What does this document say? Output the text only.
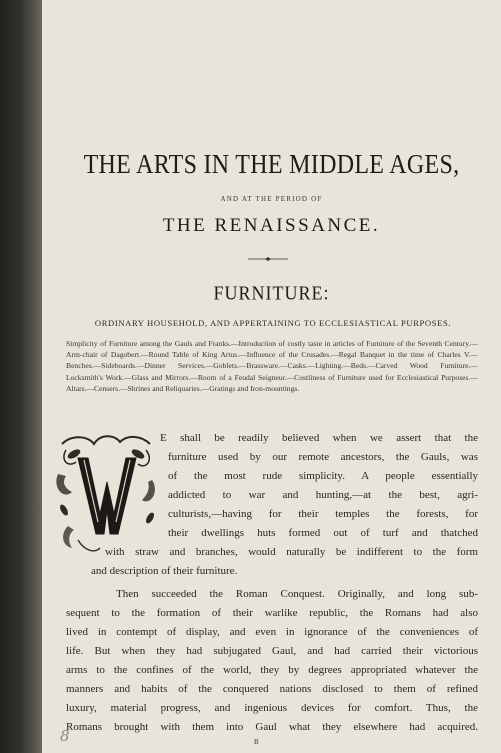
THE ARTS IN THE MIDDLE AGES,
AND AT THE PERIOD OF
THE RENAISSANCE.
FURNITURE:
ORDINARY HOUSEHOLD, AND APPERTAINING TO ECCLESIASTICAL PURPOSES.

Simplicity of Furniture among the Gauls and Franks.—Introduction of costly taste in articles of Furniture of the Seventh Century.—Arm-chair of Dagobert.—Round Table of King Artus.—Influence of the Crusades.—Regal Banquet in the time of Charles V.—Benches.—Sideboards.—Dinner Services.—Goblets.—Brassware.—Casks.—Lighting.—Beds.—Carved Wood Furniture.—Locksmith's Work.—Glass and Mirrors.—Room of a Feudal Seigneur.—Costliness of Furniture used for Ecclesiastical Purposes.—Altars.—Censers.—Shrines and Reliquaries.—Gratings and Iron-mountings.

E shall be readily believed when we assert that the
furniture used by our remote ancestors, the Gauls, was
of the most rude simplicity. A people essentially
addicted to war and hunting,—at the best, agri-
culturists,—having for their temples the forests, for
their dwellings huts formed out of turf and thatched
with straw and branches, would naturally be indifferent to the form
and description of their furniture.
Then succeeded the Roman Conquest. Originally, and long sub-
sequent to the formation of their warlike republic, the Romans had also
lived in contempt of display, and even in ignorance of the conveniences of
life. But when they had subjugated Gaul, and had carried their victorious
arms to the confines of the world, they by degrees appropriated whatever the
manners and habits of the conquered nations disclosed to them of refined
luxury, material progress, and ingenious devices for comfort. Thus, the
Romans brought with them into Gaul what they elsewhere had acquired.
B
8
